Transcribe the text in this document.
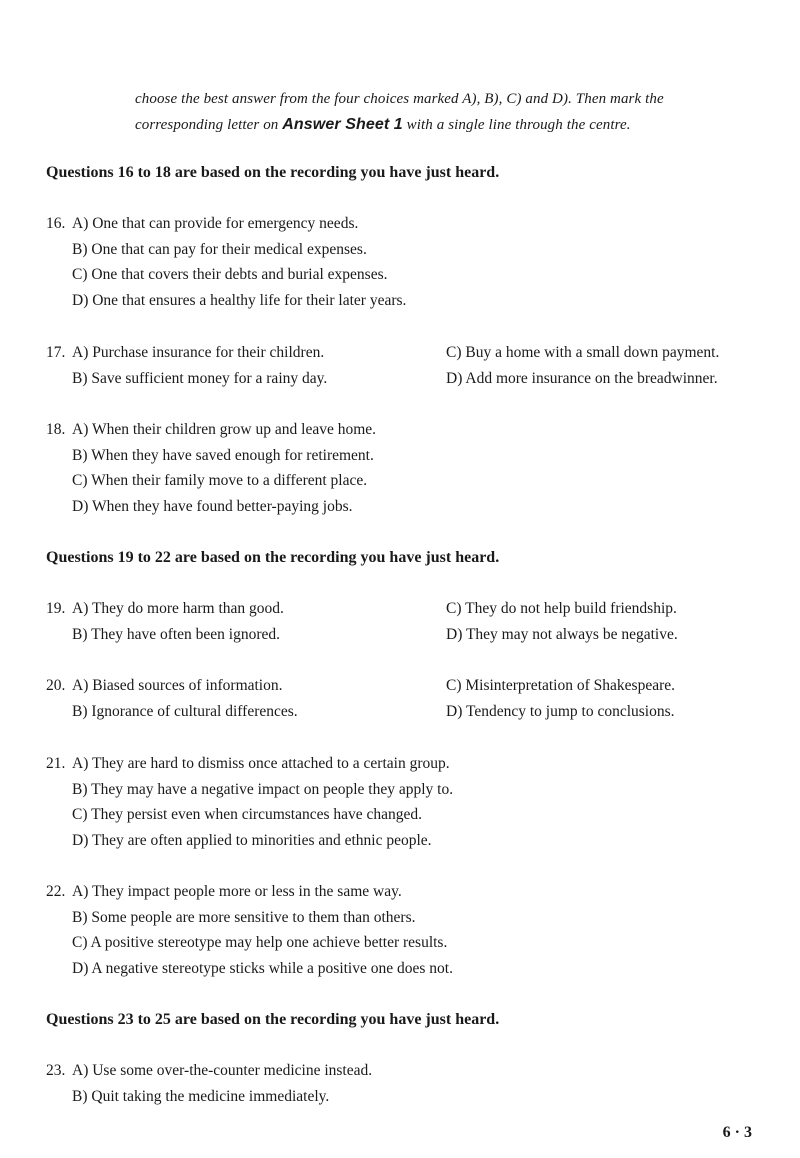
choose the best answer from the four choices marked A), B), C) and D). Then mark the
corresponding letter on Answer Sheet 1 with a single line through the centre.
Questions 16 to 18 are based on the recording you have just heard.
16. A) One that can provide for emergency needs.
B) One that can pay for their medical expenses.
C) One that covers their debts and burial expenses.
D) One that ensures a healthy life for their later years.
17. A) Purchase insurance for their children.	C) Buy a home with a small down payment.
B) Save sufficient money for a rainy day.	D) Add more insurance on the breadwinner.
18. A) When their children grow up and leave home.
B) When they have saved enough for retirement.
C) When their family move to a different place.
D) When they have found better-paying jobs.
Questions 19 to 22 are based on the recording you have just heard.
19. A) They do more harm than good.	C) They do not help build friendship.
B) They have often been ignored.	D) They may not always be negative.
20. A) Biased sources of information.	C) Misinterpretation of Shakespeare.
B) Ignorance of cultural differences.	D) Tendency to jump to conclusions.
21. A) They are hard to dismiss once attached to a certain group.
B) They may have a negative impact on people they apply to.
C) They persist even when circumstances have changed.
D) They are often applied to minorities and ethnic people.
22. A) They impact people more or less in the same way.
B) Some people are more sensitive to them than others.
C) A positive stereotype may help one achieve better results.
D) A negative stereotype sticks while a positive one does not.
Questions 23 to 25 are based on the recording you have just heard.
23. A) Use some over-the-counter medicine instead.
B) Quit taking the medicine immediately.
6 · 3
